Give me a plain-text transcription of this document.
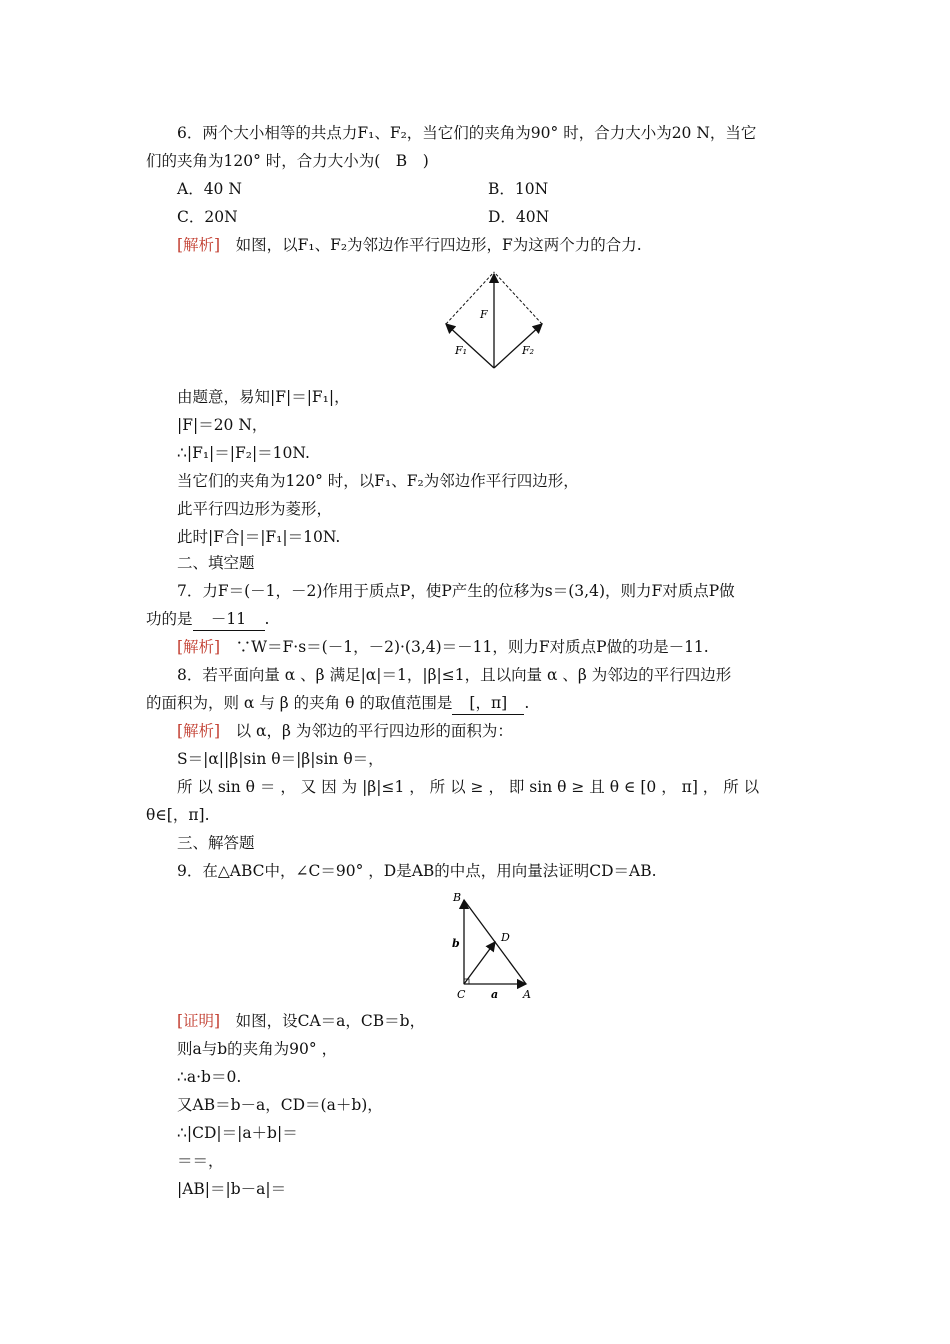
6．两个大小相等的共点力F₁、F₂，当它们的夹角为90° 时，合力大小为20 N，当它
们的夹角为120° 时，合力大小为(　B　)
A．40 N	B．10N
C．20N	D．40N
[解析]　如图，以F₁、F₂为邻边作平行四边形，F为这两个力的合力.
F
F₁	F₂
由题意，易知|F|＝|F₁|，
|F|＝20 N，
∴|F₁|＝|F₂|＝10N.
当它们的夹角为120° 时，以F₁、F₂为邻边作平行四边形，
此平行四边形为菱形，
此时|F合|＝|F₁|＝10N.
二、填空题
7．力F＝(－1，－2)作用于质点P，使P产生的位移为s＝(3,4)，则力F对质点P做
功的是 －11 .
[解析]　∵W＝F·s＝(－1，－2)·(3,4)＝－11，则力F对质点P做的功是－11.
8．若平面向量 α 、β 满足|α|＝1，|β|≤1，且以向量 α 、β 为邻边的平行四边形
的面积为，则 α 与 β 的夹角 θ 的取值范围是 [，π] .
[解析]　以 α，β 为邻边的平行四边形的面积为：
S＝|α||β|sin θ＝|β|sin θ＝，
所 以 sin θ ＝ ， 又 因 为 |β|≤1 ， 所 以 ≥ ， 即 sin θ ≥ 且 θ ∈ [0 ， π] ， 所 以
θ∈[，π].
三、解答题
9．在△ABC中，∠C＝90° ，D是AB的中点，用向量法证明CD＝AB.
B
D
b
C a A
[证明]　如图，设CA＝a，CB＝b，
则a与b的夹角为90° ，
∴a·b＝0.
又AB＝b－a，CD＝(a＋b)，
∴|CD|＝|a＋b|＝
＝＝，
|AB|＝|b－a|＝
